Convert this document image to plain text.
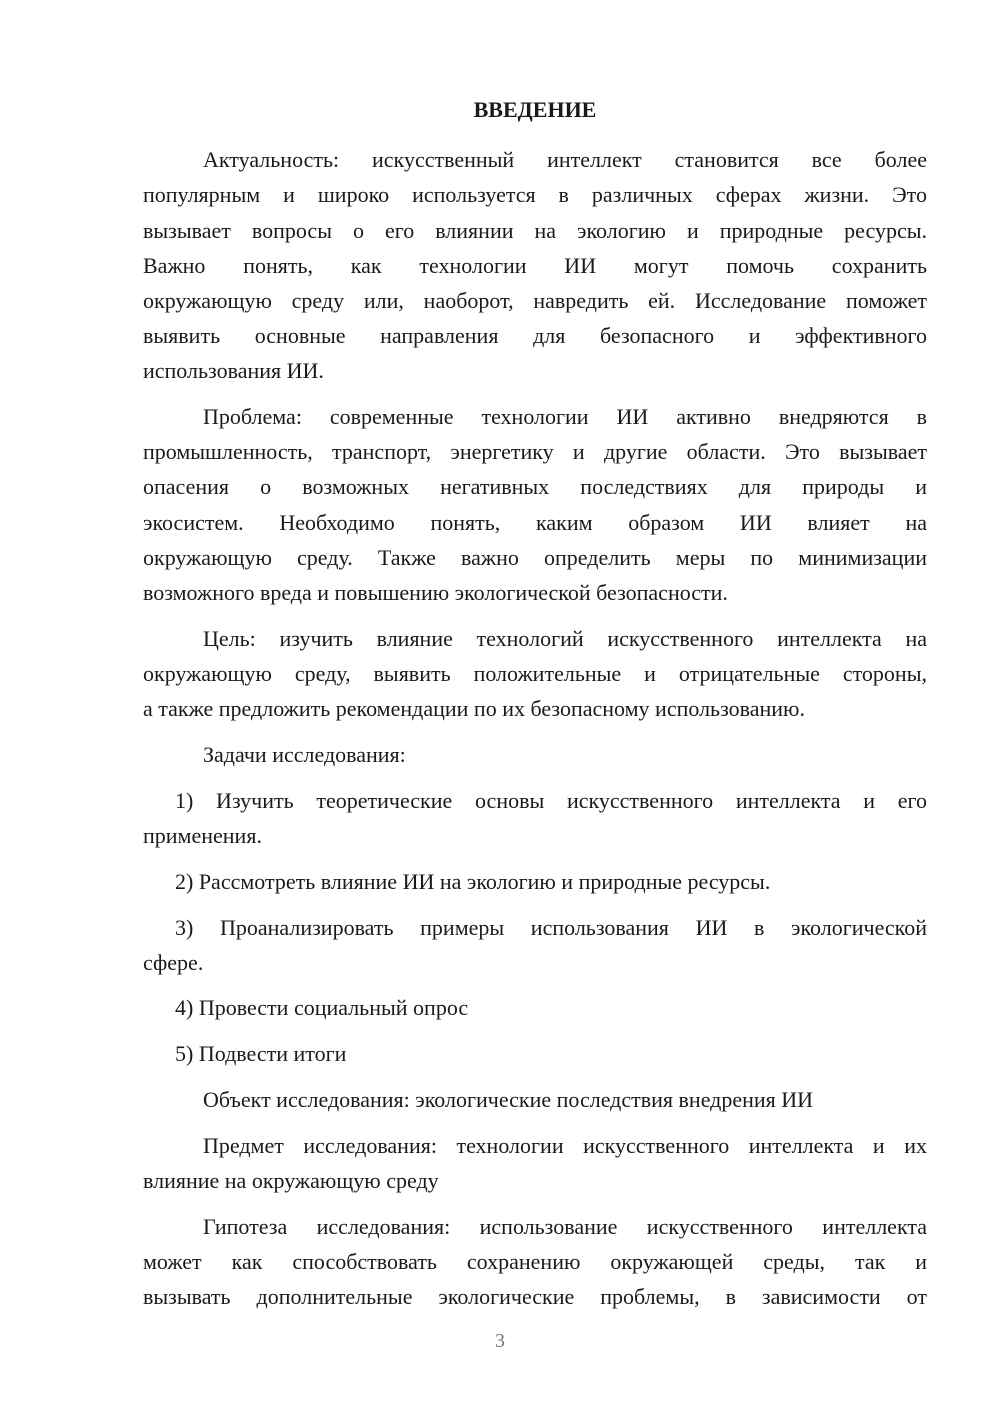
ВВЕДЕНИЕ
Актуальность: искусственный интеллект становится все более
популярным и широко используется в различных сферах жизни. Это
вызывает вопросы о его влиянии на экологию и природные ресурсы.
Важно понять, как технологии ИИ могут помочь сохранить
окружающую среду или, наоборот, навредить ей. Исследование поможет
выявить основные направления для безопасного и эффективного
использования ИИ.
Проблема: современные технологии ИИ активно внедряются в
промышленность, транспорт, энергетику и другие области. Это вызывает
опасения о возможных негативных последствиях для природы и
экосистем. Необходимо понять, каким образом ИИ влияет на
окружающую среду. Также важно определить меры по минимизации
возможного вреда и повышению экологической безопасности.
Цель: изучить влияние технологий искусственного интеллекта на
окружающую среду, выявить положительные и отрицательные стороны,
а также предложить рекомендации по их безопасному использованию.
Задачи исследования:
1) Изучить теоретические основы искусственного интеллекта и его
применения.
2) Рассмотреть влияние ИИ на экологию и природные ресурсы.
3) Проанализировать примеры использования ИИ в экологической
сфере.
4) Провести социальный опрос
5) Подвести итоги
Объект исследования: экологические последствия внедрения ИИ
Предмет исследования: технологии искусственного интеллекта и их
влияние на окружающую среду
Гипотеза исследования: использование искусственного интеллекта
может как способствовать сохранению окружающей среды, так и
вызывать дополнительные экологические проблемы, в зависимости от
3
